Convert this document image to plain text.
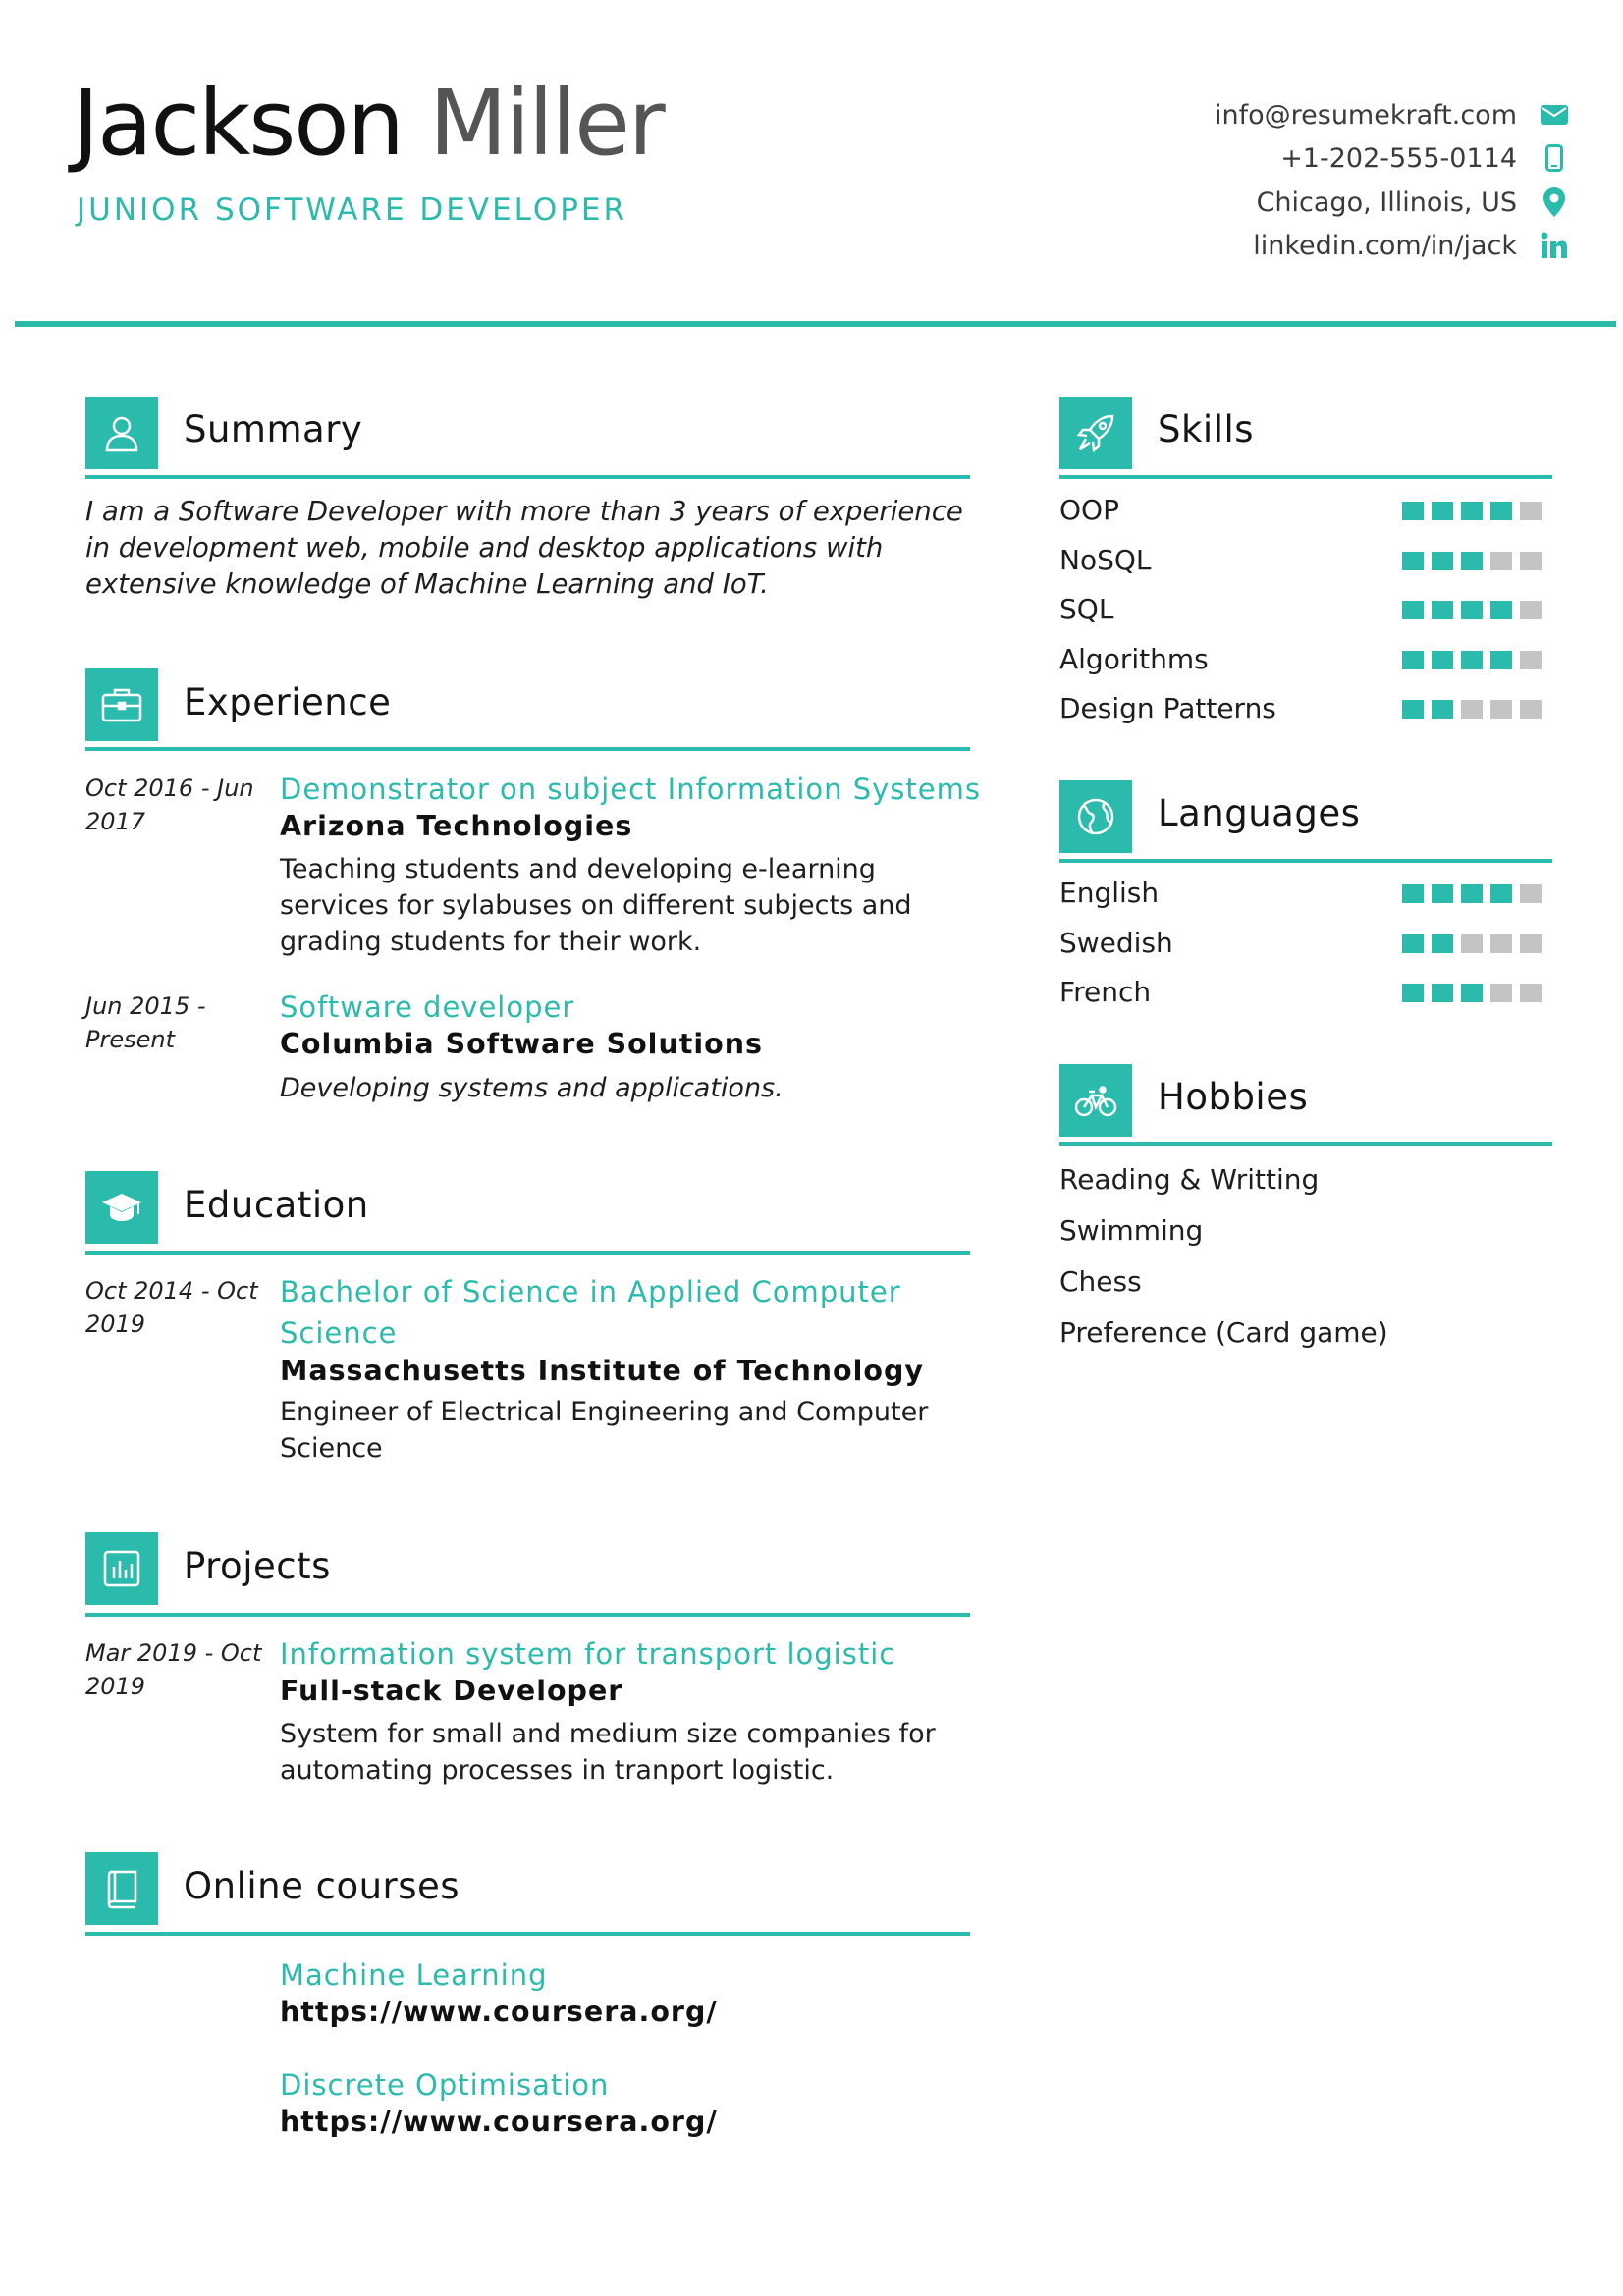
Jackson Miller
JUNIOR SOFTWARE DEVELOPER
info@resumekraft.com
+1-202-555-0114
Chicago, Illinois, US
linkedin.com/in/jack
Summary
I am a Software Developer with more than 3 years of experience in development web, mobile and desktop applications with extensive knowledge of Machine Learning and IoT.
Experience
Oct 2016 - Jun 2017
Demonstrator on subject Information Systems
Arizona Technologies
Teaching students and developing e-learning services for sylabuses on different subjects and grading students for their work.
Jun 2015 - Present
Software developer
Columbia Software Solutions
Developing systems and applications.
Education
Oct 2014 - Oct 2019
Bachelor of Science in Applied Computer
Science
Massachusetts Institute of Technology
Engineer of Electrical Engineering and Computer Science
Projects
Mar 2019 - Oct 2019
Information system for transport logistic
Full-stack Developer
System for small and medium size companies for automating processes in tranport logistic.
Online courses
Machine Learning
https://www.coursera.org/
Discrete Optimisation
https://www.coursera.org/
Skills
OOP
NoSQL
SQL
Algorithms
Design Patterns
Languages
English
Swedish
French
Hobbies
Reading & Writting
Swimming
Chess
Preference (Card game)
